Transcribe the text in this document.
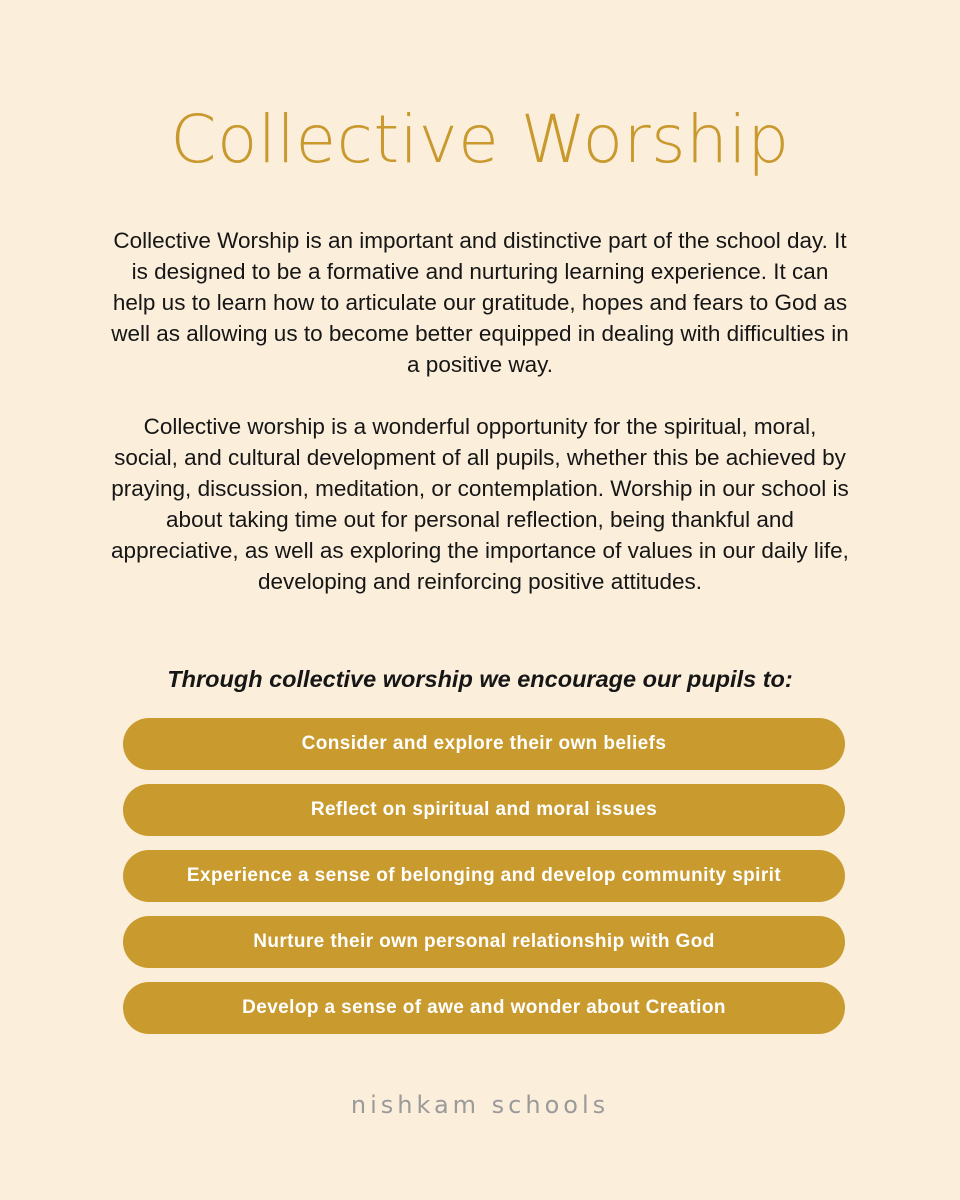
Collective Worship

Collective Worship is an important and distinctive part of the school day. It is designed to be a formative and nurturing learning experience. It can help us to learn how to articulate our gratitude, hopes and fears to God as well as allowing us to become better equipped in dealing with difficulties in a positive way.

Collective worship is a wonderful opportunity for the spiritual, moral, social, and cultural development of all pupils, whether this be achieved by praying, discussion, meditation, or contemplation. Worship in our school is about taking time out for personal reflection, being thankful and appreciative, as well as exploring the importance of values in our daily life, developing and reinforcing positive attitudes.

Through collective worship we encourage our pupils to:

Consider and explore their own beliefs
Reflect on spiritual and moral issues
Experience a sense of belonging and develop community spirit
Nurture their own personal relationship with God
Develop a sense of awe and wonder about Creation
nishkam schools
